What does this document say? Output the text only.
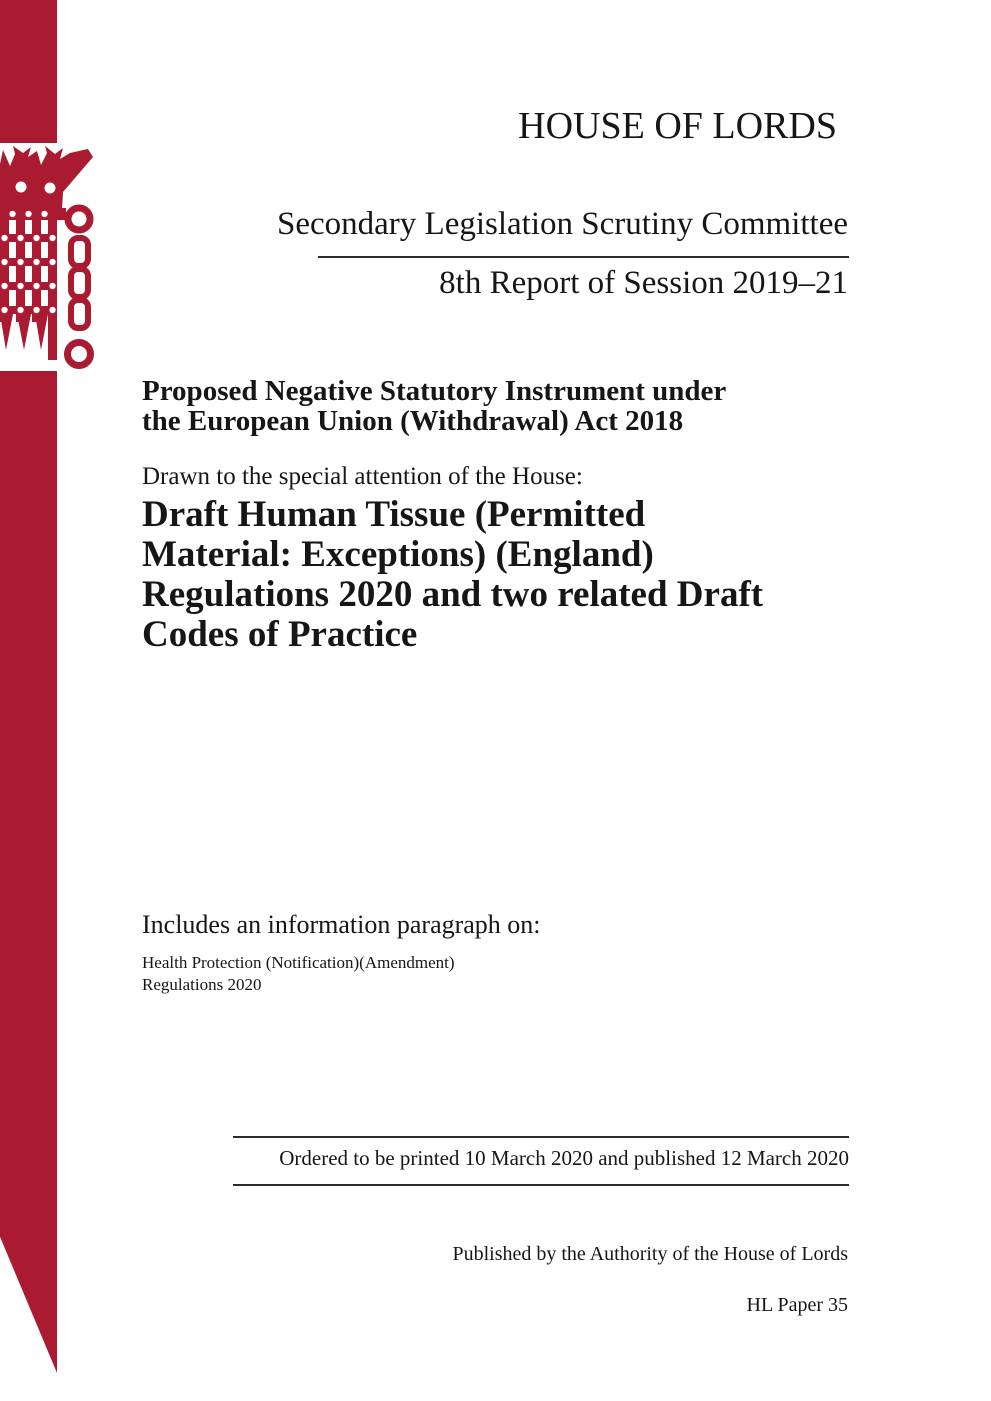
HOUSE OF LORDS
Secondary Legislation Scrutiny Committee
8th Report of Session 2019–21
Proposed Negative Statutory Instrument under
the European Union (Withdrawal) Act 2018
Drawn to the special attention of the House:
Draft Human Tissue (Permitted
Material: Exceptions) (England)
Regulations 2020 and two related Draft
Codes of Practice
Includes an information paragraph on:
Health Protection (Notification)(Amendment)
Regulations 2020
Ordered to be printed 10 March 2020 and published 12 March 2020
Published by the Authority of the House of Lords
HL Paper 35
